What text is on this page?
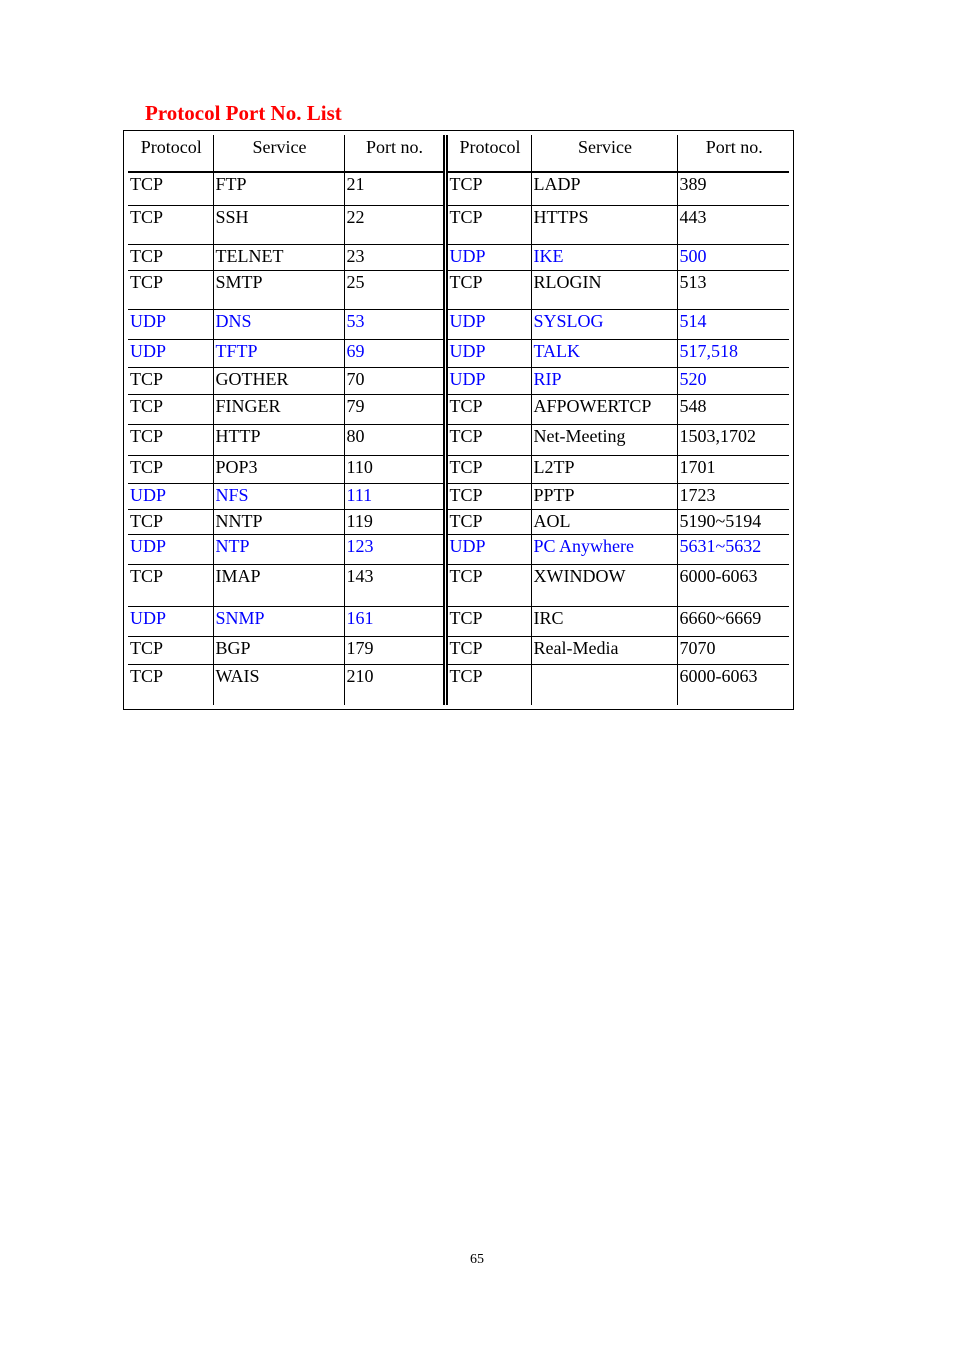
Protocol Port No. List
Protocol	Service	Port no.	Protocol	Service	Port no.
TCP	FTP	21	TCP	LADP	389
TCP	SSH	22	TCP	HTTPS	443
TCP	TELNET	23	UDP	IKE	500
TCP	SMTP	25	TCP	RLOGIN	513
UDP	DNS	53	UDP	SYSLOG	514
UDP	TFTP	69	UDP	TALK	517,518
TCP	GOTHER	70	UDP	RIP	520
TCP	FINGER	79	TCP	AFPOWERTCP	548
TCP	HTTP	80	TCP	Net-Meeting	1503,1702
TCP	POP3	110	TCP	L2TP	1701
UDP	NFS	111	TCP	PPTP	1723
TCP	NNTP	119	TCP	AOL	5190~5194
UDP	NTP	123	UDP	PC Anywhere	5631~5632
TCP	IMAP	143	TCP	XWINDOW	6000-6063
UDP	SNMP	161	TCP	IRC	6660~6669
TCP	BGP	179	TCP	Real-Media	7070
TCP	WAIS	210	TCP		6000-6063
65
